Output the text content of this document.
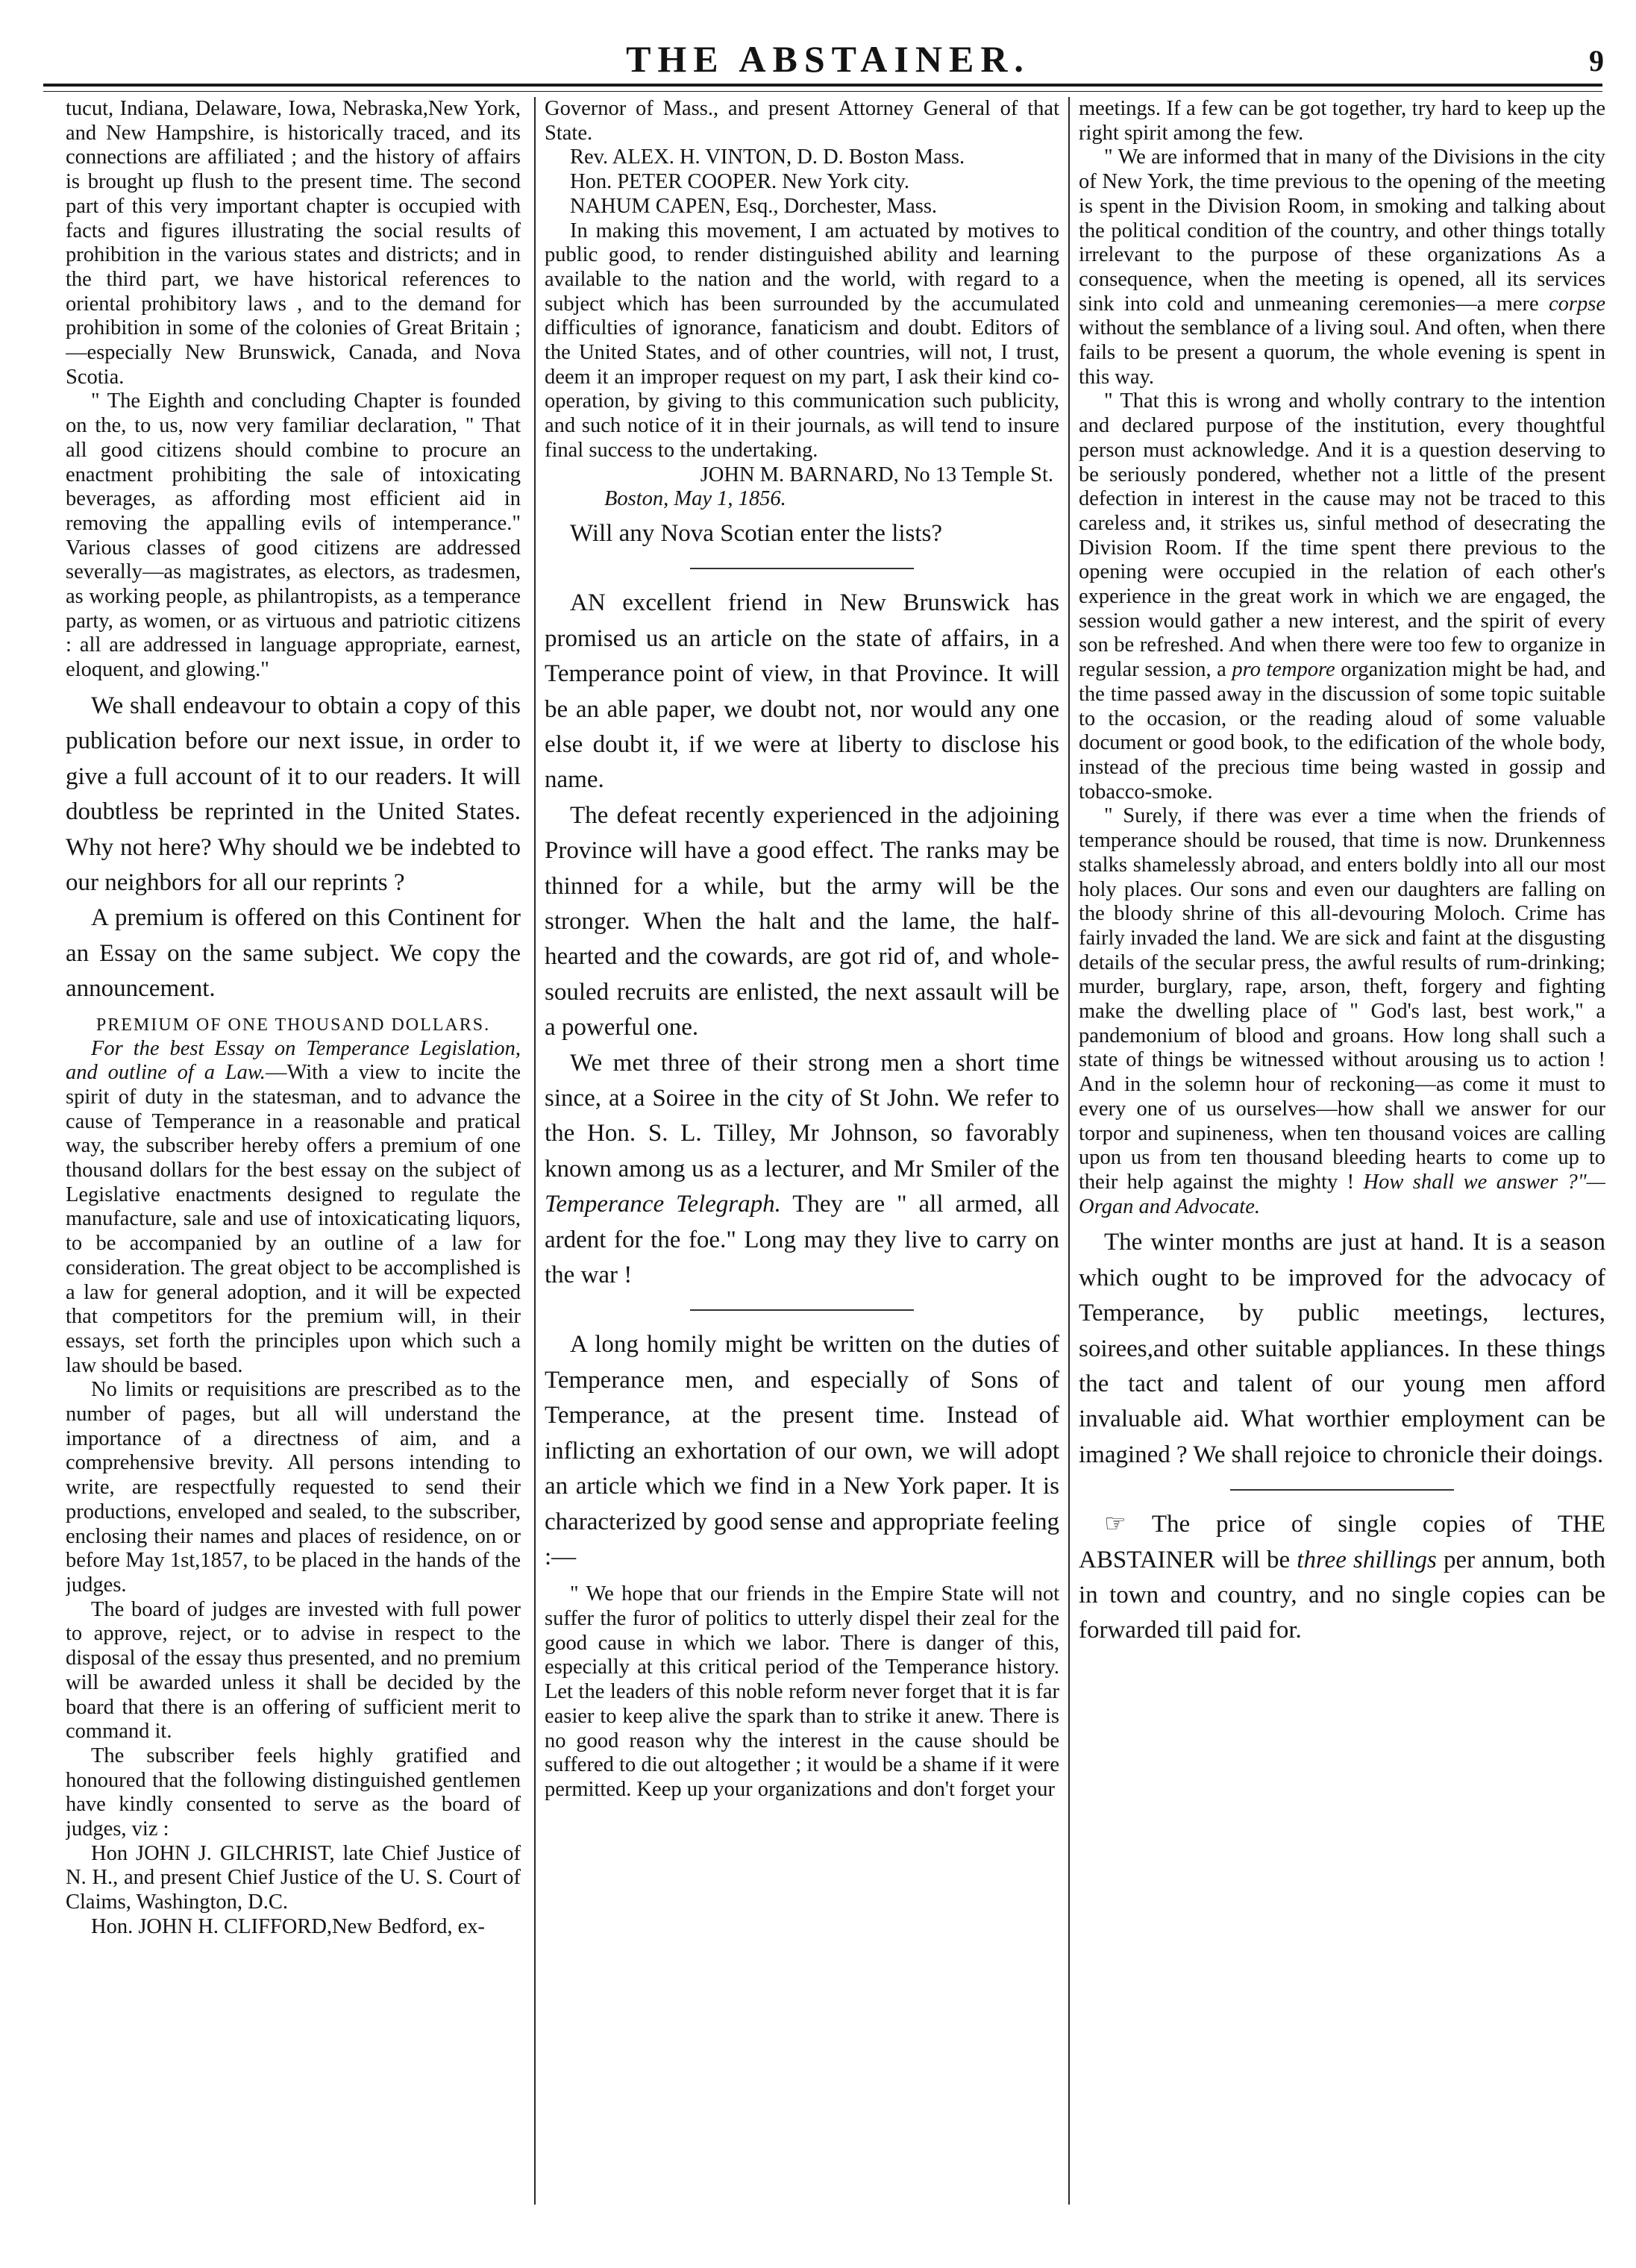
THE ABSTAINER.	9

tucut, Indiana, Delaware, Iowa, Nebraska,New York, and New Hampshire, is historically traced, and its connections are affiliated ; and the history of affairs is brought up flush to the present time. The second part of this very important chapter is occupied with facts and figures illustrating the social results of prohibition in the various states and districts; and in the third part, we have historical references to oriental prohibitory laws , and to the demand for prohibition in some of the colonies of Great Britain ;—especially New Brunswick, Canada, and Nova Scotia.

" The Eighth and concluding Chapter is founded on the, to us, now very familiar declaration, " That all good citizens should combine to procure an enactment prohibiting the sale of intoxicating beverages, as affording most efficient aid in removing the appalling evils of intemperance." Various classes of good citizens are addressed severally—as magistrates, as electors, as tradesmen, as working people, as philantropists, as a temperance party, as women, or as virtuous and patriotic citizens : all are addressed in language appropriate, earnest, eloquent, and glowing."

We shall endeavour to obtain a copy of this publication before our next issue, in order to give a full account of it to our readers. It will doubtless be reprinted in the United States. Why not here? Why should we be indebted to our neighbors for all our reprints ?

A premium is offered on this Continent for an Essay on the same subject. We copy the announcement.

PREMIUM OF ONE THOUSAND DOLLARS.

For the best Essay on Temperance Legislation, and outline of a Law.—With a view to incite the spirit of duty in the statesman, and to advance the cause of Temperance in a reasonable and pratical way, the subscriber hereby offers a premium of one thousand dollars for the best essay on the subject of Legislative enactments designed to regulate the manufacture, sale and use of intoxicaticating liquors, to be accompanied by an outline of a law for consideration. The great object to be accomplished is a law for general adoption, and it will be expected that competitors for the premium will, in their essays, set forth the principles upon which such a law should be based.

No limits or requisitions are prescribed as to the number of pages, but all will understand the importance of a directness of aim, and a comprehensive brevity. All persons intending to write, are respectfully requested to send their productions, enveloped and sealed, to the subscriber, enclosing their names and places of residence, on or before May 1st,1857, to be placed in the hands of the judges.

The board of judges are invested with full power to approve, reject, or to advise in respect to the disposal of the essay thus presented, and no premium will be awarded unless it shall be decided by the board that there is an offering of sufficient merit to command it.

The subscriber feels highly gratified and honoured that the following distinguished gentlemen have kindly consented to serve as the board of judges, viz :

Hon JOHN J. GILCHRIST, late Chief Justice of N. H., and present Chief Justice of the U. S. Court of Claims, Washington, D.C.

Hon. JOHN H. CLIFFORD,New Bedford, ex-

Governor of Mass., and present Attorney General of that State.

Rev. ALEX. H. VINTON, D. D. Boston Mass.

Hon. PETER COOPER. New York city.

NAHUM CAPEN, Esq., Dorchester, Mass.

In making this movement, I am actuated by motives to public good, to render distinguished ability and learning available to the nation and the world, with regard to a subject which has been surrounded by the accumulated difficulties of ignorance, fanaticism and doubt. Editors of the United States, and of other countries, will not, I trust, deem it an improper request on my part, I ask their kind co-operation, by giving to this communication such publicity, and such notice of it in their journals, as will tend to insure final success to the undertaking.

JOHN M. BARNARD, No 13 Temple St.

Boston, May 1, 1856.

Will any Nova Scotian enter the lists?

AN excellent friend in New Brunswick has promised us an article on the state of affairs, in a Temperance point of view, in that Province. It will be an able paper, we doubt not, nor would any one else doubt it, if we were at liberty to disclose his name.

The defeat recently experienced in the adjoining Province will have a good effect. The ranks may be thinned for a while, but the army will be the stronger. When the halt and the lame, the half-hearted and the cowards, are got rid of, and whole-souled recruits are enlisted, the next assault will be a powerful one.

We met three of their strong men a short time since, at a Soiree in the city of St John. We refer to the Hon. S. L. Tilley, Mr Johnson, so favorably known among us as a lecturer, and Mr Smiler of the Temperance Telegraph. They are " all armed, all ardent for the foe." Long may they live to carry on the war !

A long homily might be written on the duties of Temperance men, and especially of Sons of Temperance, at the present time. Instead of inflicting an exhortation of our own, we will adopt an article which we find in a New York paper. It is characterized by good sense and appropriate feeling :—

" We hope that our friends in the Empire State will not suffer the furor of politics to utterly dispel their zeal for the good cause in which we labor. There is danger of this, especially at this critical period of the Temperance history. Let the leaders of this noble reform never forget that it is far easier to keep alive the spark than to strike it anew. There is no good reason why the interest in the cause should be suffered to die out altogether ; it would be a shame if it were permitted. Keep up your organizations and don't forget your

meetings. If a few can be got together, try hard to keep up the right spirit among the few.

" We are informed that in many of the Divisions in the city of New York, the time previous to the opening of the meeting is spent in the Division Room, in smoking and talking about the political condition of the country, and other things totally irrelevant to the purpose of these organizations As a consequence, when the meeting is opened, all its services sink into cold and unmeaning ceremonies—a mere corpse without the semblance of a living soul. And often, when there fails to be present a quorum, the whole evening is spent in this way.

" That this is wrong and wholly contrary to the intention and declared purpose of the institution, every thoughtful person must acknowledge. And it is a question deserving to be seriously pondered, whether not a little of the present defection in interest in the cause may not be traced to this careless and, it strikes us, sinful method of desecrating the Division Room. If the time spent there previous to the opening were occupied in the relation of each other's experience in the great work in which we are engaged, the session would gather a new interest, and the spirit of every son be refreshed. And when there were too few to organize in regular session, a pro tempore organization might be had, and the time passed away in the discussion of some topic suitable to the occasion, or the reading aloud of some valuable document or good book, to the edification of the whole body, instead of the precious time being wasted in gossip and tobacco-smoke.

" Surely, if there was ever a time when the friends of temperance should be roused, that time is now. Drunkenness stalks shamelessly abroad, and enters boldly into all our most holy places. Our sons and even our daughters are falling on the bloody shrine of this all-devouring Moloch. Crime has fairly invaded the land. We are sick and faint at the disgusting details of the secular press, the awful results of rum-drinking; murder, burglary, rape, arson, theft, forgery and fighting make the dwelling place of " God's last, best work," a pandemonium of blood and groans. How long shall such a state of things be witnessed without arousing us to action ! And in the solemn hour of reckoning—as come it must to every one of us ourselves—how shall we answer for our torpor and supineness, when ten thousand voices are calling upon us from ten thousand bleeding hearts to come up to their help against the mighty ! How shall we answer ?"—Organ and Advocate.

The winter months are just at hand. It is a season which ought to be improved for the advocacy of Temperance, by public meetings, lectures, soirees,and other suitable appliances. In these things the tact and talent of our young men afford invaluable aid. What worthier employment can be imagined ? We shall rejoice to chronicle their doings.

☞ The price of single copies of THE ABSTAINER will be three shillings per annum, both in town and country, and no single copies can be forwarded till paid for.
